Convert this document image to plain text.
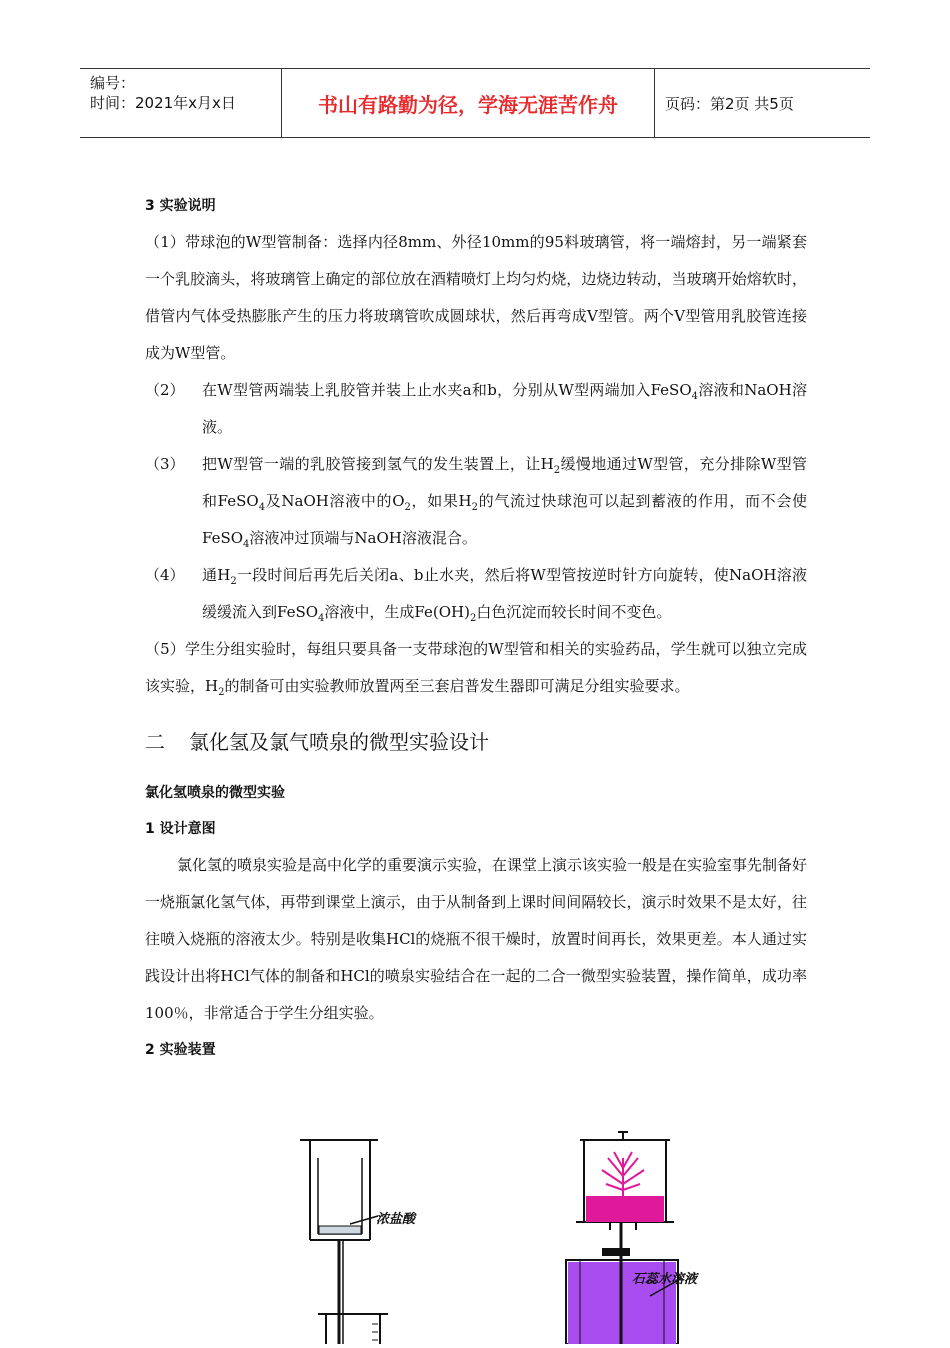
编号：
时间：2021年x月x日	书山有路勤为径，学海无涯苦作舟	页码：第2页 共5页

3 实验说明

（1）带球泡的W型管制备：选择内径8mm、外径10mm的95料玻璃管，将一端熔封，另一端紧套一个乳胶滴头，将玻璃管上确定的部位放在酒精喷灯上均匀灼烧，边烧边转动，当玻璃开始熔软时，借管内气体受热膨胀产生的压力将玻璃管吹成圆球状，然后再弯成V型管。两个V型管用乳胶管连接成为W型管。

（2）	在W型管两端装上乳胶管并装上止水夹a和b，分别从W型两端加入FeSO$_4$溶液和NaOH溶液。
（3）	把W型管一端的乳胶管接到氢气的发生装置上，让$H_2$缓慢地通过W型管，充分排除W型管和FeSO$_4$及NaOH溶液中的$O_2$，如果$H_2$的气流过快球泡可以起到蓄液的作用，而不会使FeSO$_4$溶液冲过顶端与NaOH溶液混合。
（4）	通$H_2$一段时间后再先后关闭a、b止水夹，然后将W型管按逆时针方向旋转，使NaOH溶液缓缓流入到FeSO$_4$溶液中，生成$Fe(OH)_2$白色沉淀而较长时间不变色。

（5）学生分组实验时，每组只要具备一支带球泡的W型管和相关的实验药品，学生就可以独立完成该实验，$H_2$的制备可由实验教师放置两至三套启普发生器即可满足分组实验要求。

二 氯化氢及氯气喷泉的微型实验设计

氯化氢喷泉的微型实验

1 设计意图

氯化氢的喷泉实验是高中化学的重要演示实验，在课堂上演示该实验一般是在实验室事先制备好一烧瓶氯化氢气体，再带到课堂上演示，由于从制备到上课时间间隔较长，演示时效果不是太好，往往喷入烧瓶的溶液太少。特别是收集HCl的烧瓶不很干燥时，放置时间再长，效果更差。本人通过实践设计出将HCl气体的制备和HCl的喷泉实验结合在一起的二合一微型实验装置，操作简单，成功率100％，非常适合于学生分组实验。

2 实验装置

浓盐酸
石蕊水溶液
